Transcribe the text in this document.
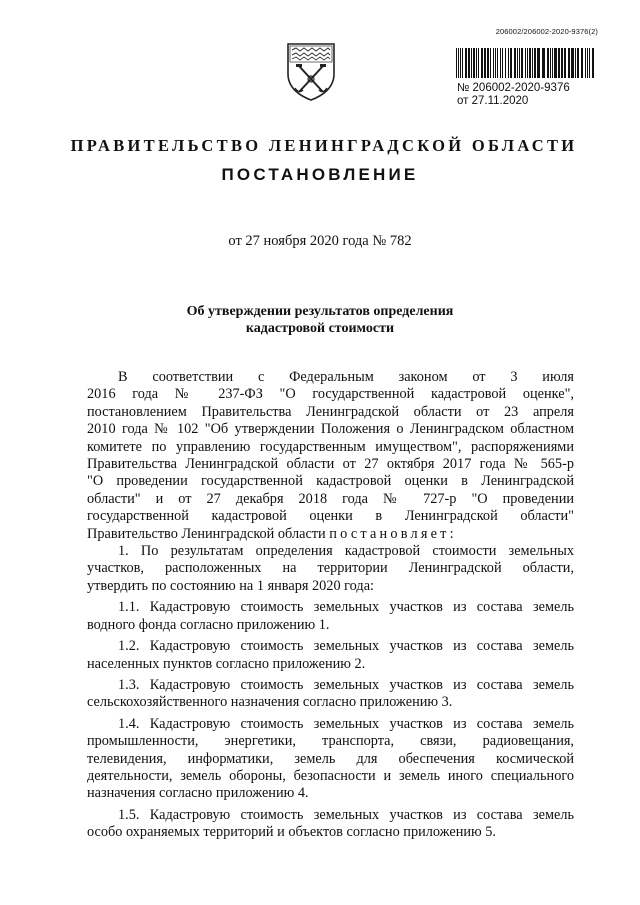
206002/206002-2020-9376(2)
№ 206002-2020-9376
от 27.11.2020
ПРАВИТЕЛЬСТВО ЛЕНИНГРАДСКОЙ ОБЛАСТИ
ПОСТАНОВЛЕНИЕ
от 27 ноября 2020 года № 782
Об утверждении результатов определения
кадастровой стоимости
В соответствии с Федеральным законом от 3 июля
2016 года № 237-ФЗ "О государственной кадастровой оценке",
постановлением Правительства Ленинградской области от 23 апреля
2010 года № 102 "Об утверждении Положения о Ленинградском областном
комитете по управлению государственным имуществом", распоряжениями
Правительства Ленинградской области от 27 октября 2017 года № 565-р
"О проведении государственной кадастровой оценки в Ленинградской
области" и от 27 декабря 2018 года № 727-р "О проведении
государственной кадастровой оценки в Ленинградской области"
Правительство Ленинградской области постановляет:
1. По результатам определения кадастровой стоимости земельных
участков, расположенных на территории Ленинградской области,
утвердить по состоянию на 1 января 2020 года:
1.1. Кадастровую стоимость земельных участков из состава земель
водного фонда согласно приложению 1.
1.2. Кадастровую стоимость земельных участков из состава земель
населенных пунктов согласно приложению 2.
1.3. Кадастровую стоимость земельных участков из состава земель
сельскохозяйственного назначения согласно приложению 3.
1.4. Кадастровую стоимость земельных участков из состава земель
промышленности, энергетики, транспорта, связи, радиовещания,
телевидения, информатики, земель для обеспечения космической
деятельности, земель обороны, безопасности и земель иного специального
назначения согласно приложению 4.
1.5. Кадастровую стоимость земельных участков из состава земель
особо охраняемых территорий и объектов согласно приложению 5.
